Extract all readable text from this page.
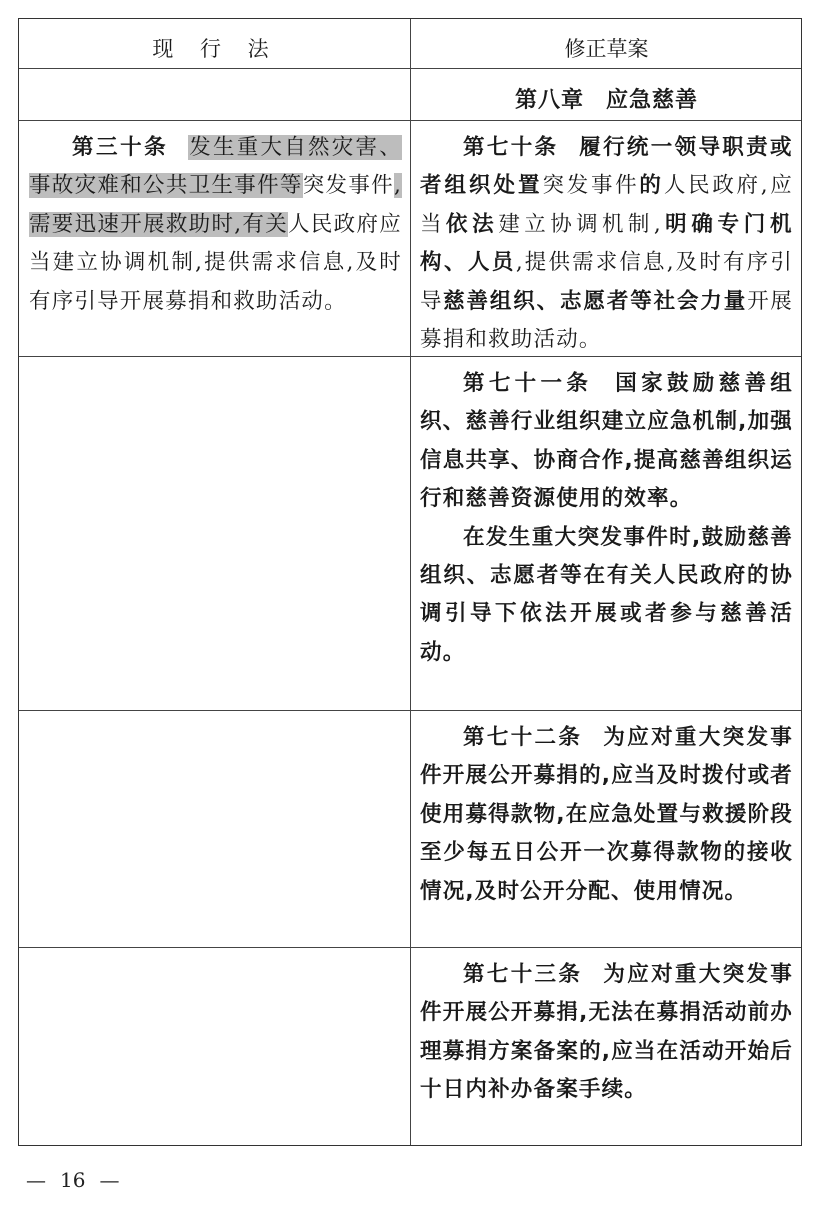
现 行 法	修正草案
第八章 应急慈善

第三十条 发生重大自然灾害、事故灾难和公共卫生事件等突发事件,需要迅速开展救助时,有关人民政府应当建立协调机制,提供需求信息,及时有序引导开展募捐和救助活动。

第七十条 履行统一领导职责或者组织处置突发事件的人民政府,应当依法建立协调机制,明确专门机构、人员,提供需求信息,及时有序引导慈善组织、志愿者等社会力量开展募捐和救助活动。

第七十一条 国家鼓励慈善组织、慈善行业组织建立应急机制,加强信息共享、协商合作,提高慈善组织运行和慈善资源使用的效率。

在发生重大突发事件时,鼓励慈善组织、志愿者等在有关人民政府的协调引导下依法开展或者参与慈善活动。

第七十二条 为应对重大突发事件开展公开募捐的,应当及时拨付或者使用募得款物,在应急处置与救援阶段至少每五日公开一次募得款物的接收情况,及时公开分配、使用情况。

第七十三条 为应对重大突发事件开展公开募捐,无法在募捐活动前办理募捐方案备案的,应当在活动开始后十日内补办备案手续。

— 16 —
